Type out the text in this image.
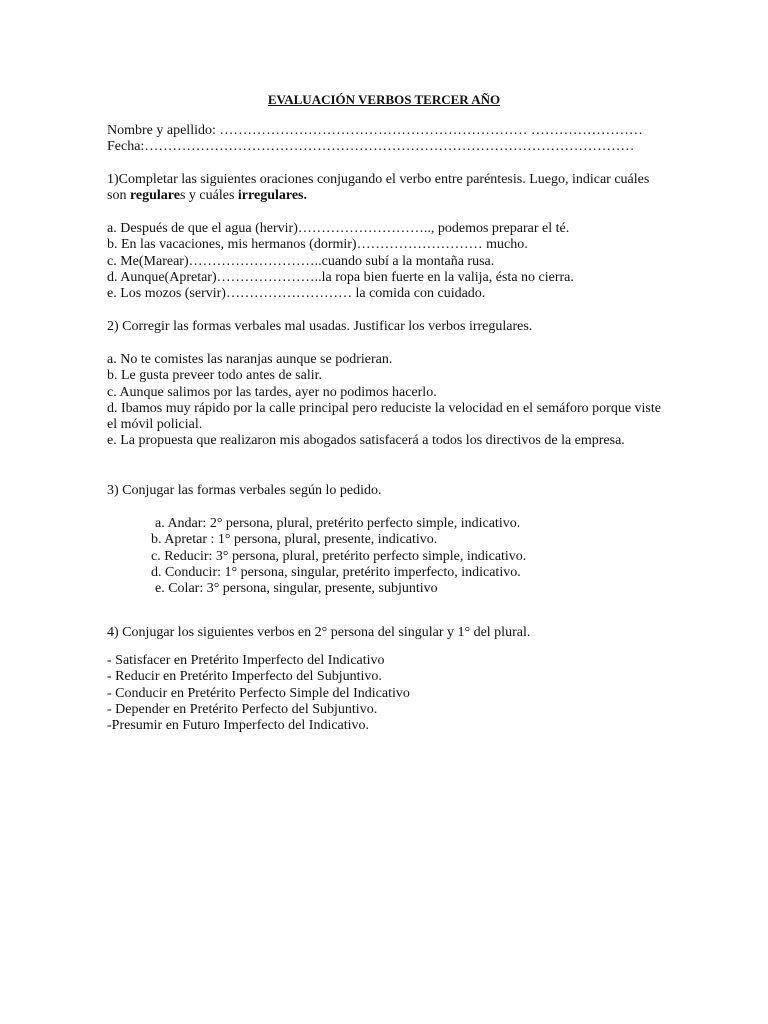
EVALUACIÓN VERBOS TERCER AÑO
Nombre y apellido: ………………………………………………………… ……………………
Fecha:……………………………………………………………………………………………
1)Completar las siguientes oraciones conjugando el verbo entre paréntesis. Luego, indicar cuáles
son regulares y cuáles irregulares.
a. Después de que el agua (hervir)……………………….., podemos preparar el té.
b. En las vacaciones, mis hermanos (dormir)……………………… mucho.
c. Me(Marear)………………………..cuando subí a la montaña rusa.
d. Aunque(Apretar)…………………..la ropa bien fuerte en la valija, ésta no cierra.
e. Los mozos (servir)……………………… la comida con cuidado.
2) Corregir las formas verbales mal usadas. Justificar los verbos irregulares.
a. No te comistes las naranjas aunque se podrieran.
b. Le gusta preveer todo antes de salir.
c. Aunque salimos por las tardes, ayer no podimos hacerlo.
d. Ibamos muy rápido por la calle principal pero reduciste la velocidad en el semáforo porque viste el móvil policial.
e. La propuesta que realizaron mis abogados satisfacerá a todos los directivos de la empresa.
3) Conjugar las formas verbales según lo pedido.
a. Andar: 2° persona, plural, pretérito perfecto simple, indicativo.
b. Apretar : 1° persona, plural, presente, indicativo.
c. Reducir: 3° persona, plural, pretérito perfecto simple, indicativo.
d. Conducir: 1° persona, singular, pretérito imperfecto, indicativo.
e. Colar: 3° persona, singular, presente, subjuntivo
4) Conjugar los siguientes verbos en 2° persona del singular y 1° del plural.
- Satisfacer en Pretérito Imperfecto del Indicativo
- Reducir en Pretérito Imperfecto del Subjuntivo.
- Conducir en Pretérito Perfecto Simple del Indicativo
- Depender en Pretérito Perfecto del Subjuntivo.
-Presumir en Futuro Imperfecto del Indicativo.
